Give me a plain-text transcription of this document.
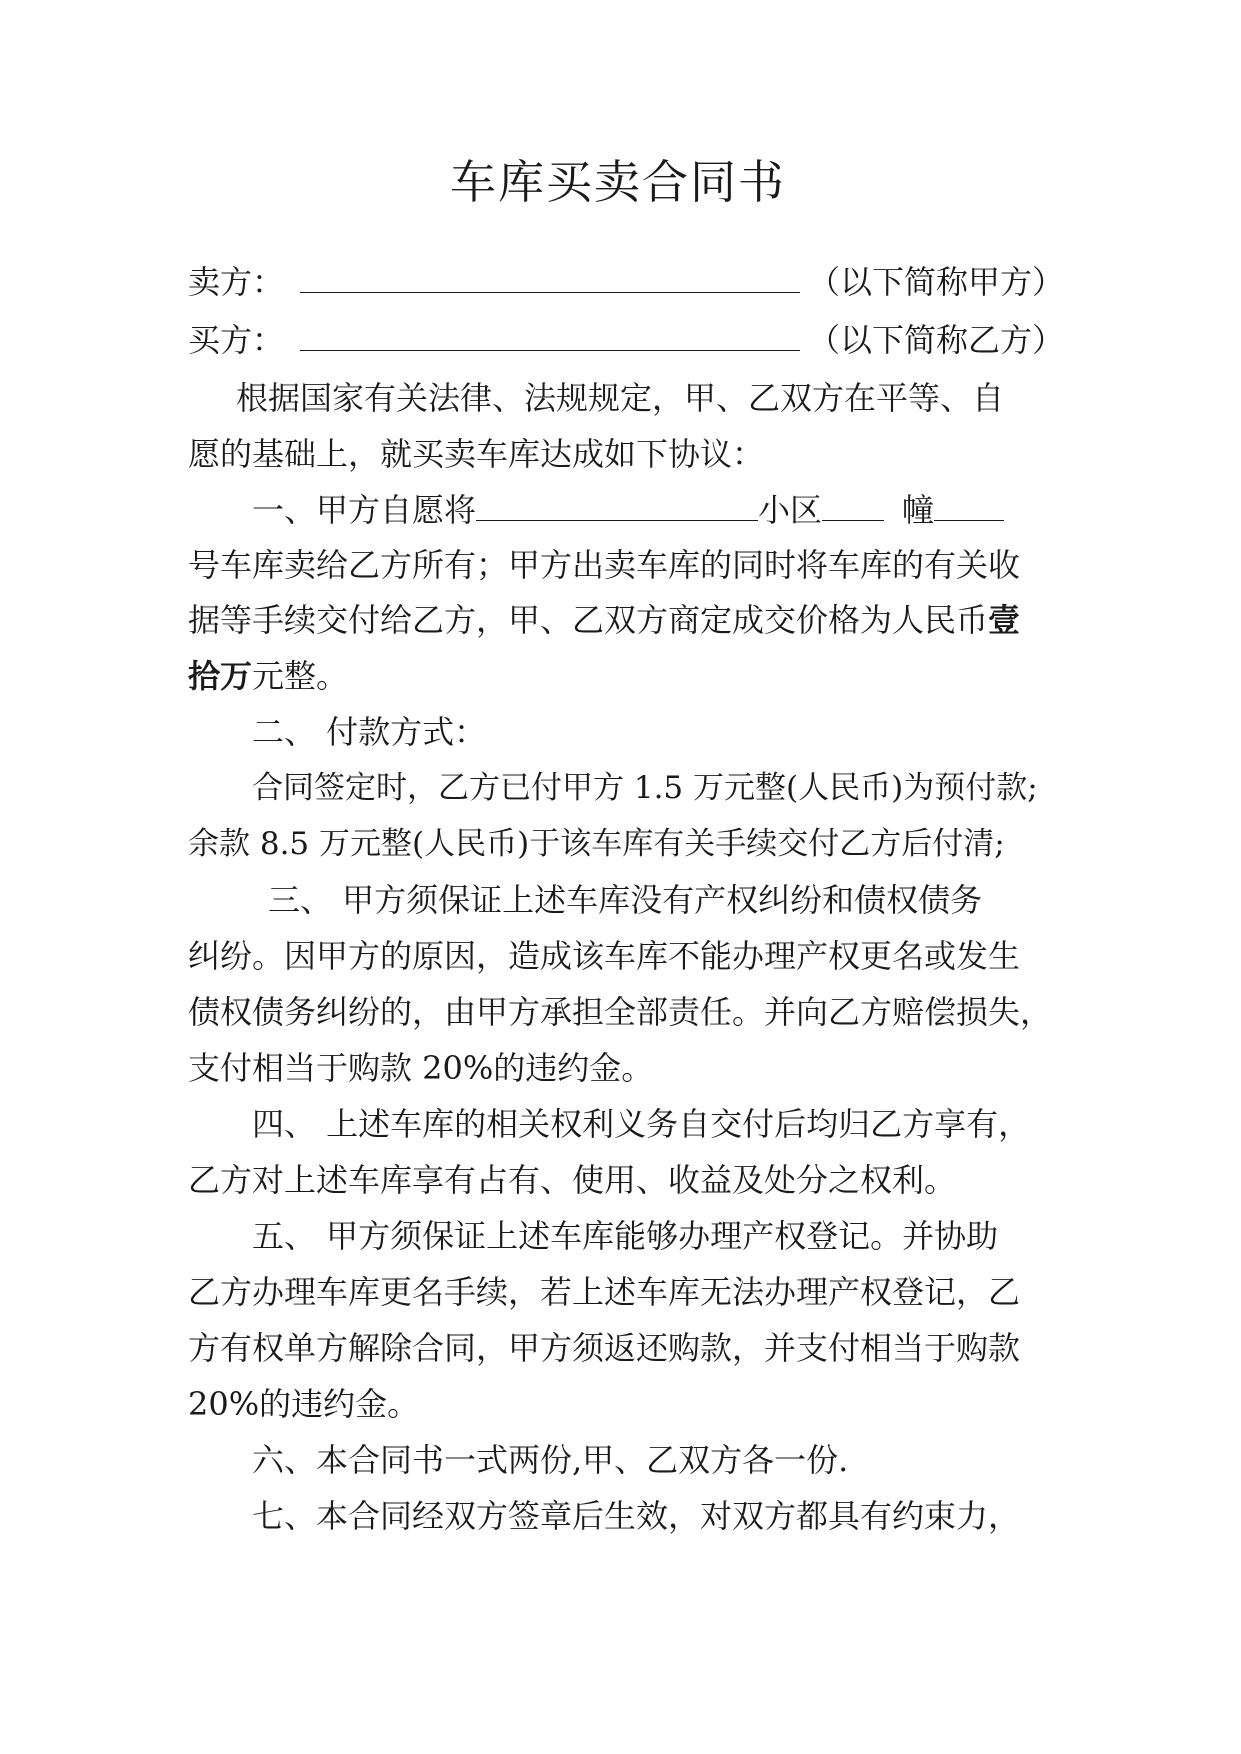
车库买卖合同书
卖方：	（以下简称甲方）
买方：	（以下简称乙方）
根据国家有关法律、法规规定，甲、乙双方在平等、自
愿的基础上，就买卖车库达成如下协议：
一、甲方自愿将	小区	幢
号车库卖给乙方所有；甲方出卖车库的同时将车库的有关收
据等手续交付给乙方，甲、乙双方商定成交价格为人民币壹
拾万元整。
二、 付款方式：
合同签定时，乙方已付甲方 1.5 万元整(人民币)为预付款;
余款 8.5 万元整(人民币)于该车库有关手续交付乙方后付清;
三、 甲方须保证上述车库没有产权纠纷和债权债务
纠纷。因甲方的原因，造成该车库不能办理产权更名或发生
债权债务纠纷的，由甲方承担全部责任。并向乙方赔偿损失，
支付相当于购款 20%的违约金。
四、 上述车库的相关权利义务自交付后均归乙方享有，
乙方对上述车库享有占有、使用、收益及处分之权利。
五、 甲方须保证上述车库能够办理产权登记。并协助
乙方办理车库更名手续，若上述车库无法办理产权登记，乙
方有权单方解除合同，甲方须返还购款，并支付相当于购款
20%的违约金。
六、本合同书一式两份,甲、乙双方各一份.
七、本合同经双方签章后生效，对双方都具有约束力，
